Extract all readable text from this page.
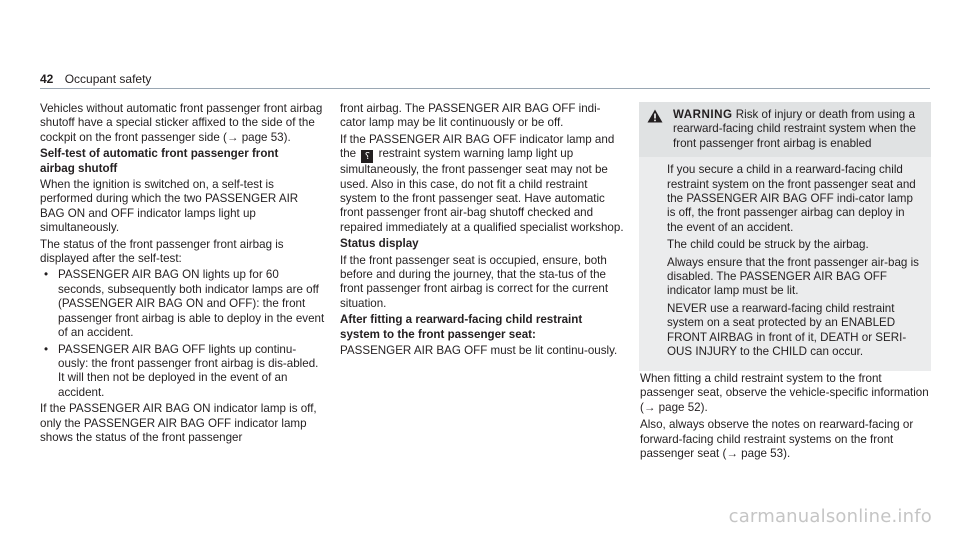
42 Occupant safety

Vehicles without automatic front passenger front airbag shutoff have a special sticker affixed to the side of the cockpit on the front passenger side (→ page 53).

Self-test of automatic front passenger front
airbag shutoff

When the ignition is switched on, a self-test is performed during which the two PASSENGER AIR BAG ON and OFF indicator lamps light up simultaneously.

The status of the front passenger front airbag is displayed after the self-test:

• PASSENGER AIR BAG ON lights up for 60 seconds, subsequently both indicator lamps are off (PASSENGER AIR BAG ON and OFF): the front passenger front airbag is able to deploy in the event of an accident.
• PASSENGER AIR BAG OFF lights up continu-ously: the front passenger front airbag is dis-abled. It will then not be deployed in the event of an accident.

If the PASSENGER AIR BAG ON indicator lamp is off, only the PASSENGER AIR BAG OFF indicator lamp shows the status of the front passenger

front airbag. The PASSENGER AIR BAG OFF indi-cator lamp may be lit continuously or be off.

If the PASSENGER AIR BAG OFF indicator lamp and the ⸮ restraint system warning lamp light up simultaneously, the front passenger seat may not be used. Also in this case, do not fit a child restraint system to the front passenger seat. Have automatic front passenger front air-bag shutoff checked and repaired immediately at a qualified specialist workshop.

Status display

If the front passenger seat is occupied, ensure, both before and during the journey, that the sta-tus of the front passenger front airbag is correct for the current situation.

After fitting a rearward-facing child restraint
system to the front passenger seat:

PASSENGER AIR BAG OFF must be lit continu-ously.

WARNING Risk of injury or death from using a rearward-facing child restraint system when the front passenger front airbag is enabled

If you secure a child in a rearward-facing child restraint system on the front passenger seat and the PASSENGER AIR BAG OFF indi-cator lamp is off, the front passenger airbag can deploy in the event of an accident.

The child could be struck by the airbag.

Always ensure that the front passenger air-bag is disabled. The PASSENGER AIR BAG OFF indicator lamp must be lit.

NEVER use a rearward-facing child restraint system on a seat protected by an ENABLED FRONT AIRBAG in front of it, DEATH or SERI-OUS INJURY to the CHILD can occur.

When fitting a child restraint system to the front passenger seat, observe the vehicle-specific information (→ page 52).

Also, always observe the notes on rearward-facing or forward-facing child restraint systems on the front passenger seat (→ page 53).

carmanualsonline.info
